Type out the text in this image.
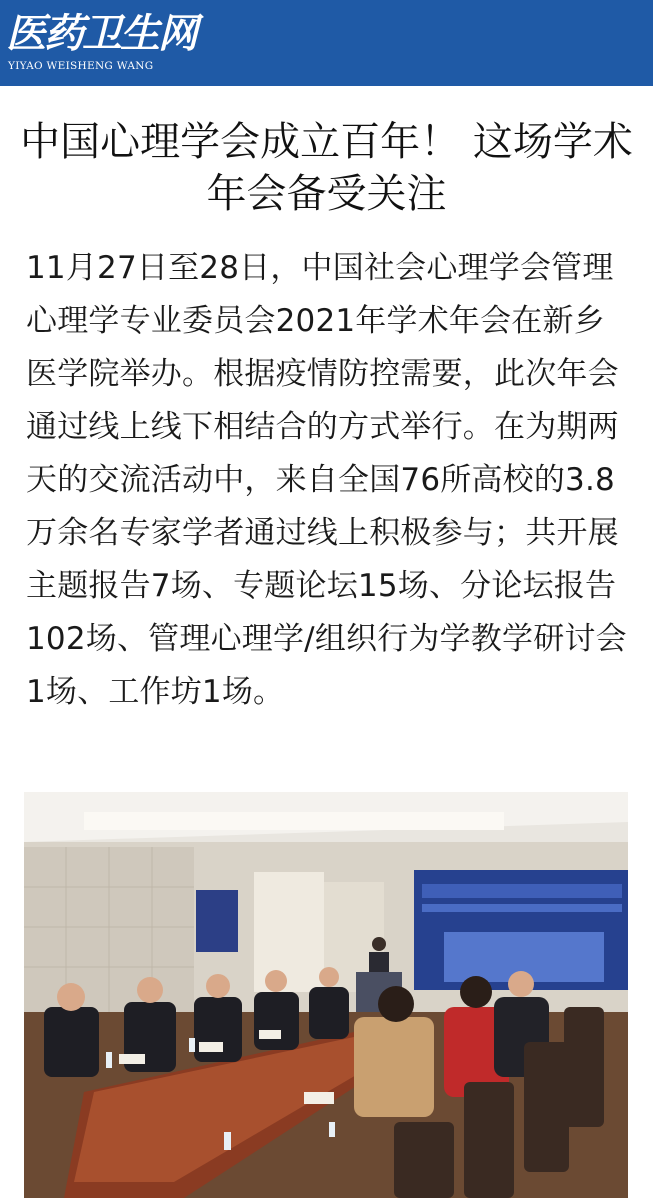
医药卫生网
YIYAO WEISHENG WANG
中国心理学会成立百年！ 这场学术年会备受关注

11月27日至28日，中国社会心理学会管理心理学专业委员会2021年学术年会在新乡医学院举办。根据疫情防控需要，此次年会通过线上线下相结合的方式举行。在为期两天的交流活动中，来自全国76所高校的3.8万余名专家学者通过线上积极参与；共开展主题报告7场、专题论坛15场、分论坛报告102场、管理心理学/组织行为学教学研讨会1场、工作坊1场。
